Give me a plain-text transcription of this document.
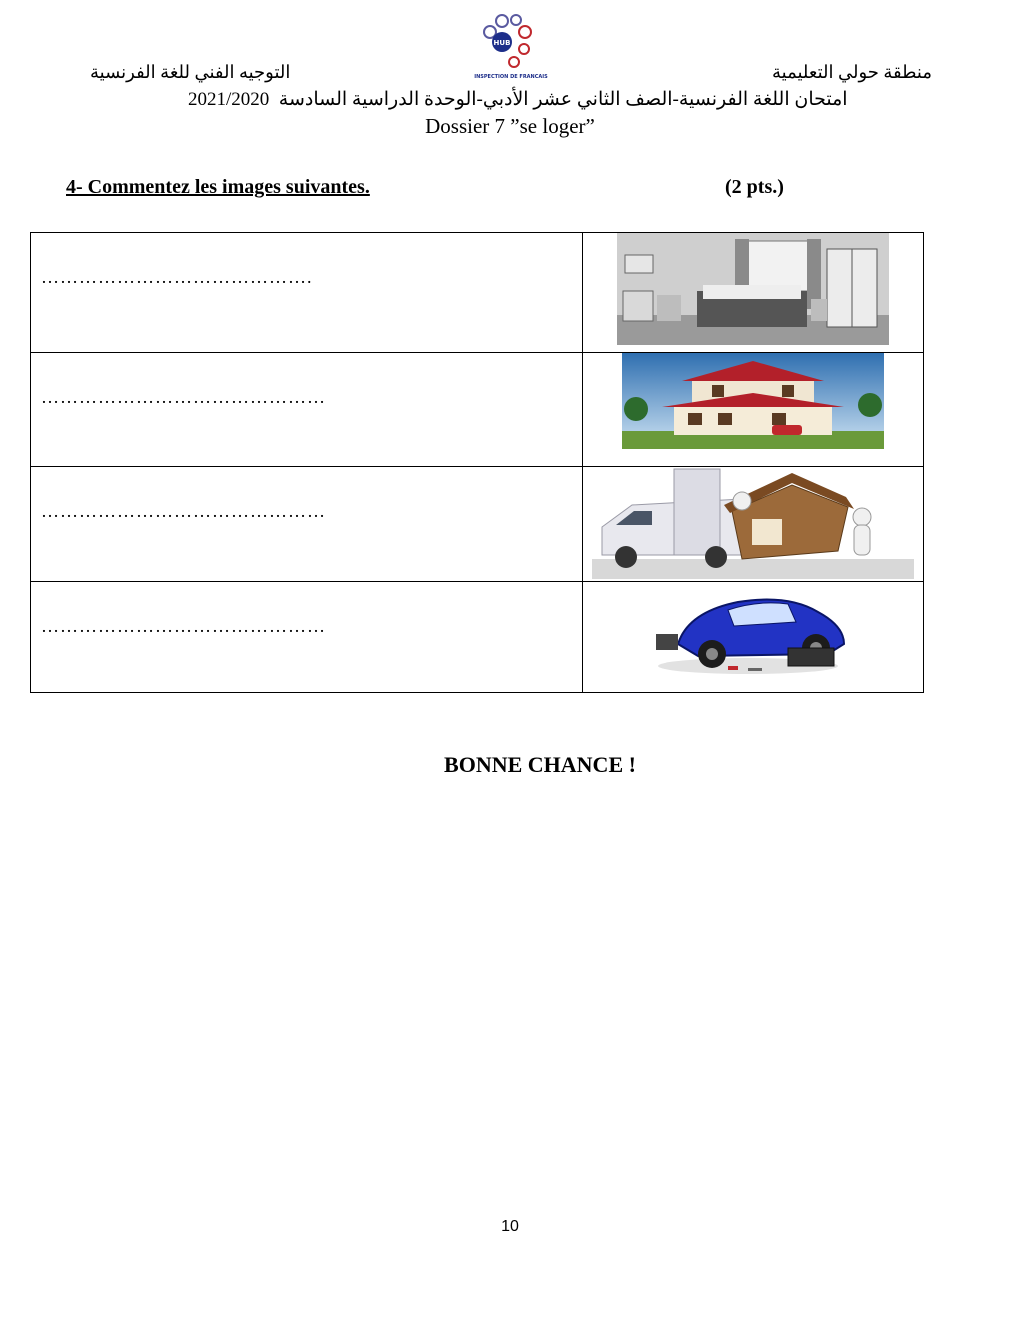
HUB
INSPECTION DE FRANCAIS
التوجيه الفني للغة الفرنسية	منطقة حولي التعليمية
2021/2020 امتحان اللغة الفرنسية-الصف الثاني عشر الأدبي-الوحدة الدراسية السادسة
Dossier 7 ”se loger”
4- Commentez les images suivantes.	(2 pts.)
…………………………………….

………………………………………

………………………………………

………………………………………

BONNE CHANCE !
10
